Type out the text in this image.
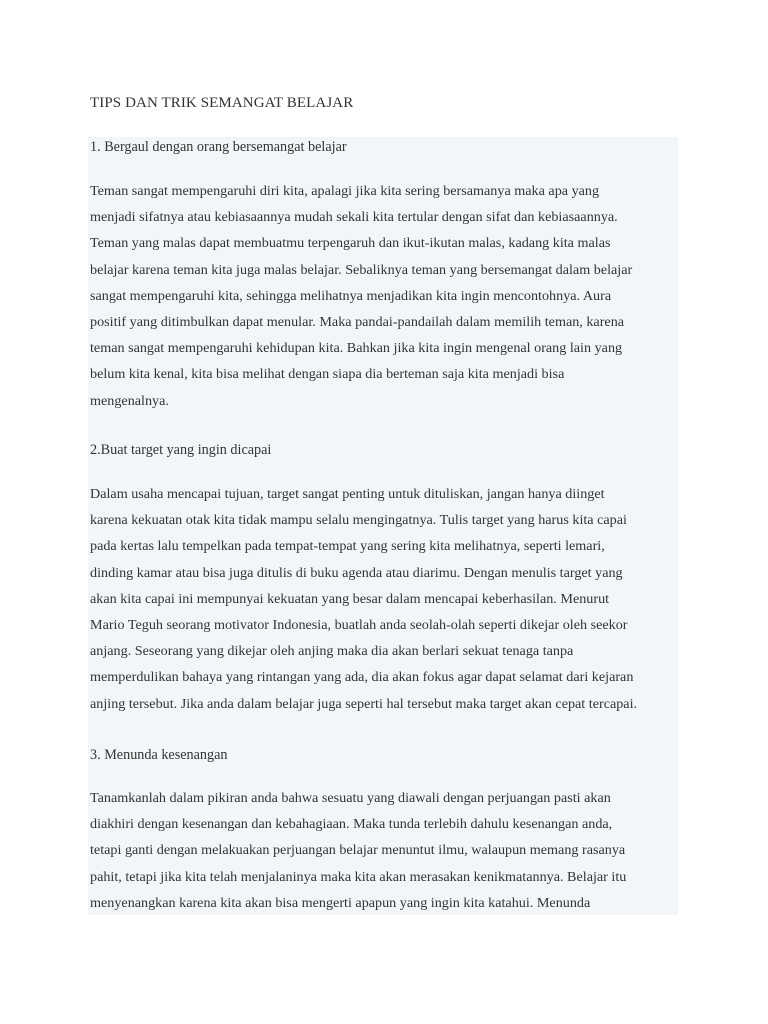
TIPS DAN TRIK SEMANGAT BELAJAR
1. Bergaul dengan orang bersemangat belajar
Teman sangat mempengaruhi diri kita, apalagi jika kita sering bersamanya maka apa yang
menjadi sifatnya atau kebiasaannya mudah sekali kita tertular dengan sifat dan kebiasaannya.
Teman yang malas dapat membuatmu terpengaruh dan ikut-ikutan malas, kadang kita malas
belajar karena teman kita juga malas belajar. Sebaliknya teman yang bersemangat dalam belajar
sangat mempengaruhi kita, sehingga melihatnya menjadikan kita ingin mencontohnya. Aura
positif yang ditimbulkan dapat menular. Maka pandai-pandailah dalam memilih teman, karena
teman sangat mempengaruhi kehidupan kita. Bahkan jika kita ingin mengenal orang lain yang
belum kita kenal, kita bisa melihat dengan siapa dia berteman saja kita menjadi bisa
mengenalnya.
2.Buat target yang ingin dicapai
Dalam usaha mencapai tujuan, target sangat penting untuk dituliskan, jangan hanya diinget
karena kekuatan otak kita tidak mampu selalu mengingatnya. Tulis target yang harus kita capai
pada kertas lalu tempelkan pada tempat-tempat yang sering kita melihatnya, seperti lemari,
dinding kamar atau bisa juga ditulis di buku agenda atau diarimu. Dengan menulis target yang
akan kita capai ini mempunyai kekuatan yang besar dalam mencapai keberhasilan. Menurut
Mario Teguh seorang motivator Indonesia, buatlah anda seolah-olah seperti dikejar oleh seekor
anjang. Seseorang yang dikejar oleh anjing maka dia akan berlari sekuat tenaga tanpa
memperdulikan bahaya yang rintangan yang ada, dia akan fokus agar dapat selamat dari kejaran
anjing tersebut. Jika anda dalam belajar juga seperti hal tersebut maka target akan cepat tercapai.
3. Menunda kesenangan
Tanamkanlah dalam pikiran anda bahwa sesuatu yang diawali dengan perjuangan pasti akan
diakhiri dengan kesenangan dan kebahagiaan. Maka tunda terlebih dahulu kesenangan anda,
tetapi ganti dengan melakuakan perjuangan belajar menuntut ilmu, walaupun memang rasanya
pahit, tetapi jika kita telah menjalaninya maka kita akan merasakan kenikmatannya. Belajar itu
menyenangkan karena kita akan bisa mengerti apapun yang ingin kita katahui. Menunda
